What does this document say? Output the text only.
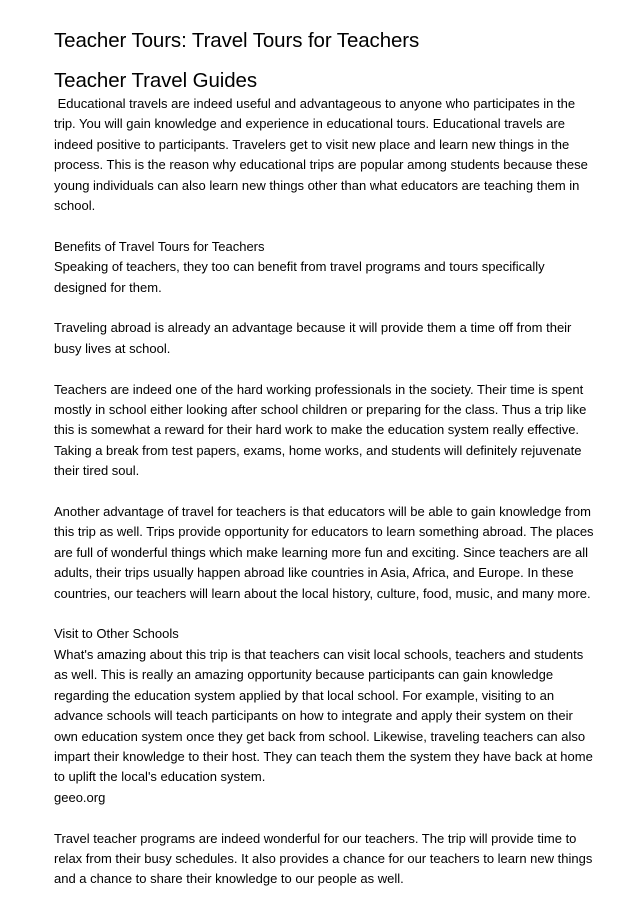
Teacher Tours: Travel Tours for Teachers
Teacher Travel Guides

Educational travels are indeed useful and advantageous to anyone who participates in the trip. You will gain knowledge and experience in educational tours. Educational travels are indeed positive to participants. Travelers get to visit new place and learn new things in the process. This is the reason why educational trips are popular among students because these young individuals can also learn new things other than what educators are teaching them in school.

Benefits of Travel Tours for Teachers

Speaking of teachers, they too can benefit from travel programs and tours specifically designed for them.

Traveling abroad is already an advantage because it will provide them a time off from their busy lives at school.

Teachers are indeed one of the hard working professionals in the society. Their time is spent mostly in school either looking after school children or preparing for the class. Thus a trip like this is somewhat a reward for their hard work to make the education system really effective. Taking a break from test papers, exams, home works, and students will definitely rejuvenate their tired soul.

Another advantage of travel for teachers is that educators will be able to gain knowledge from this trip as well. Trips provide opportunity for educators to learn something abroad. The places are full of wonderful things which make learning more fun and exciting. Since teachers are all adults, their trips usually happen abroad like countries in Asia, Africa, and Europe. In these countries, our teachers will learn about the local history, culture, food, music, and many more.

Visit to Other Schools

What's amazing about this trip is that teachers can visit local schools, teachers and students as well. This is really an amazing opportunity because participants can gain knowledge regarding the education system applied by that local school. For example, visiting to an advance schools will teach participants on how to integrate and apply their system on their own education system once they get back from school. Likewise, traveling teachers can also impart their knowledge to their host. They can teach them the system they have back at home to uplift the local's education system.

geeo.org

Travel teacher programs are indeed wonderful for our teachers. The trip will provide time to relax from their busy schedules. It also provides a chance for our teachers to learn new things and a chance to share their knowledge to our people as well.
